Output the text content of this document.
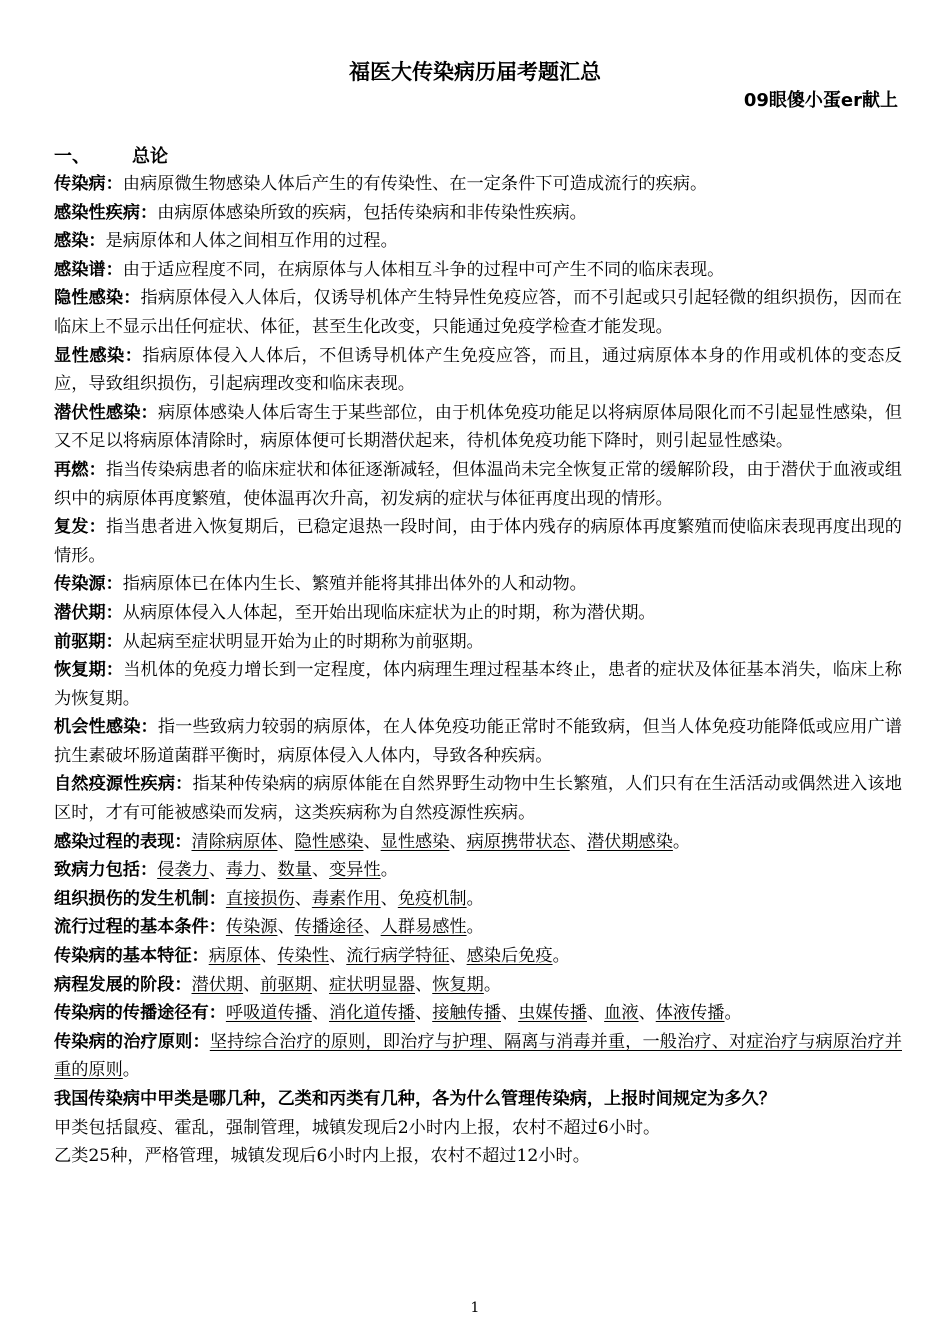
福医大传染病历届考题汇总
09眼傻小蛋er献上
一、 总论

传染病：由病原微生物感染人体后产生的有传染性、在一定条件下可造成流行的疾病。

感染性疾病：由病原体感染所致的疾病，包括传染病和非传染性疾病。

感染：是病原体和人体之间相互作用的过程。

感染谱：由于适应程度不同，在病原体与人体相互斗争的过程中可产生不同的临床表现。

隐性感染：指病原体侵入人体后，仅诱导机体产生特异性免疫应答，而不引起或只引起轻微的组织损伤，因而在临床上不显示出任何症状、体征，甚至生化改变，只能通过免疫学检查才能发现。

显性感染：指病原体侵入人体后，不但诱导机体产生免疫应答，而且，通过病原体本身的作用或机体的变态反应，导致组织损伤，引起病理改变和临床表现。

潜伏性感染：病原体感染人体后寄生于某些部位，由于机体免疫功能足以将病原体局限化而不引起显性感染，但又不足以将病原体清除时，病原体便可长期潜伏起来，待机体免疫功能下降时，则引起显性感染。

再燃：指当传染病患者的临床症状和体征逐渐减轻，但体温尚未完全恢复正常的缓解阶段，由于潜伏于血液或组织中的病原体再度繁殖，使体温再次升高，初发病的症状与体征再度出现的情形。

复发：指当患者进入恢复期后，已稳定退热一段时间，由于体内残存的病原体再度繁殖而使临床表现再度出现的情形。

传染源：指病原体已在体内生长、繁殖并能将其排出体外的人和动物。

潜伏期：从病原体侵入人体起，至开始出现临床症状为止的时期，称为潜伏期。

前驱期：从起病至症状明显开始为止的时期称为前驱期。

恢复期：当机体的免疫力增长到一定程度，体内病理生理过程基本终止，患者的症状及体征基本消失，临床上称为恢复期。

机会性感染：指一些致病力较弱的病原体，在人体免疫功能正常时不能致病，但当人体免疫功能降低或应用广谱抗生素破坏肠道菌群平衡时，病原体侵入人体内，导致各种疾病。

自然疫源性疾病：指某种传染病的病原体能在自然界野生动物中生长繁殖，人们只有在生活活动或偶然进入该地区时，才有可能被感染而发病，这类疾病称为自然疫源性疾病。

感染过程的表现：清除病原体、隐性感染、显性感染、病原携带状态、潜伏期感染。

致病力包括：侵袭力、毒力、数量、变异性。

组织损伤的发生机制：直接损伤、毒素作用、免疫机制。

流行过程的基本条件：传染源、传播途径、人群易感性。

传染病的基本特征：病原体、传染性、流行病学特征、感染后免疫。

病程发展的阶段：潜伏期、前驱期、症状明显器、恢复期。

传染病的传播途径有：呼吸道传播、消化道传播、接触传播、虫媒传播、血液、体液传播。

传染病的治疗原则：坚持综合治疗的原则，即治疗与护理、隔离与消毒并重，一般治疗、对症治疗与病原治疗并重的原则。

我国传染病中甲类是哪几种，乙类和丙类有几种，各为什么管理传染病，上报时间规定为多久？

甲类包括鼠疫、霍乱，强制管理，城镇发现后2小时内上报，农村不超过6小时。

乙类25种，严格管理，城镇发现后6小时内上报，农村不超过12小时。

1
